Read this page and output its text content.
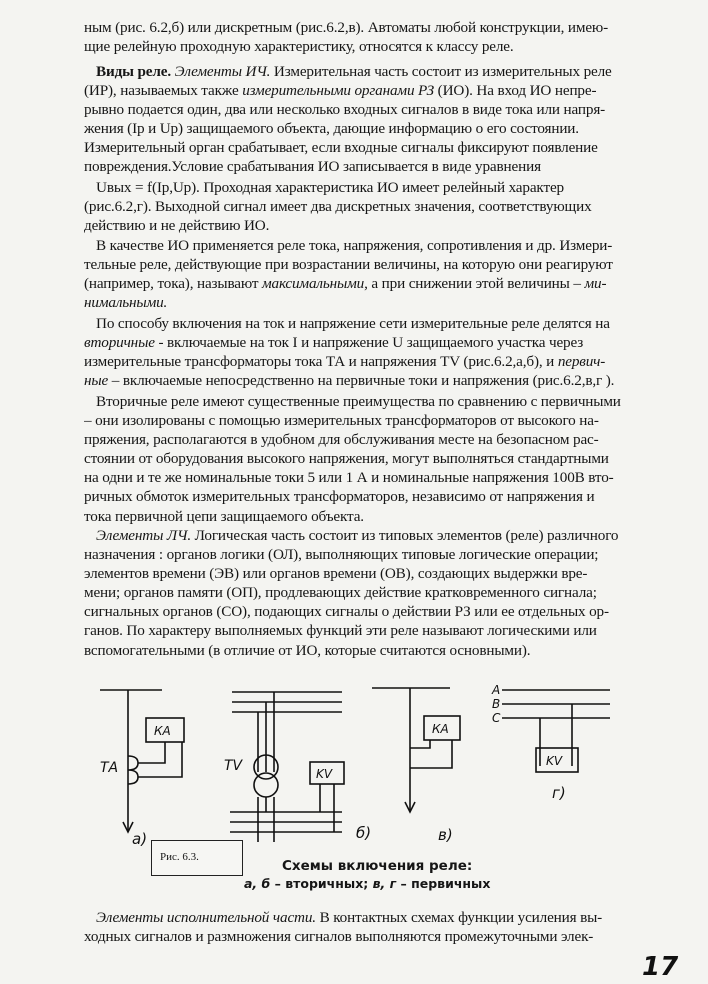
ным (рис. 6.2,б) или дискретным (рис.6.2,в). Автоматы любой конструкции, имею-
щие релейную проходную характеристику, относятся к классу реле.
Виды реле. Элементы ИЧ. Измерительная часть состоит из измерительных реле
(ИР), называемых также измерительными органами РЗ (ИО). На вход ИО непре-
рывно подается один, два или несколько входных сигналов в виде тока или напря-
жения (Iр и Uр) защищаемого объекта, дающие информацию о его состоянии.
Измерительный орган срабатывает, если входные сигналы фиксируют появление
повреждения.Условие срабатывания ИО записывается в виде уравнения
Uвых = f(Iр,Uр). Проходная характеристика ИО имеет релейный характер
(рис.6.2,г). Выходной сигнал имеет два дискретных значения, соответствующих
действию и не действию ИО.
В качестве ИО применяется реле тока, напряжения, сопротивления и др. Измери-
тельные реле, действующие при возрастании величины, на которую они реагируют
(например, тока), называют максимальными, а при снижении этой величины – ми-
нимальными.
По способу включения на ток и напряжение сети измерительные реле делятся на
вторичные - включаемые на ток I и напряжение U защищаемого участка через
измерительные трансформаторы тока ТА и напряжения TV (рис.6.2,а,б), и первич-
ные – включаемые непосредственно на первичные токи и напряжения (рис.6.2,в,г ).
Вторичные реле имеют существенные преимущества по сравнению с первичными
– они изолированы с помощью измерительных трансформаторов от высокого на-
пряжения, располагаются в удобном для обслуживания месте на безопасном рас-
стоянии от оборудования высокого напряжения, могут выполняться стандартными
на одни и те же номинальные токи 5 или 1 А и номинальные напряжения 100В вто-
ричных обмоток измерительных трансформаторов, независимо от напряжения и
тока первичной цепи защищаемого объекта.
Элементы ЛЧ. Логическая часть состоит из типовых элементов (реле) различного
назначения : органов логики (ОЛ), выполняющих типовые логические операции;
элементов времени (ЭВ) или органов времени (ОВ), создающих выдержки вре-
мени; органов памяти (ОП), продлевающих действие кратковременного сигнала;
сигнальных органов (СО), подающих сигналы о действии РЗ или ее отдельных ор-
ганов. По характеру выполняемых функций эти реле называют логическими или
вспомогательными (в отличие от ИО, которые считаются основными).
КА
ТА	TV	KV
КА
KV
А
В
С
а)	б)	в)
г)
Рис. 6.3.
Схемы включения реле:
а, б – вторичных; в, г – первичных
Элементы исполнительной части. В контактных схемах функции усиления вы-
ходных сигналов и размножения сигналов выполняются промежуточными элек-
17
